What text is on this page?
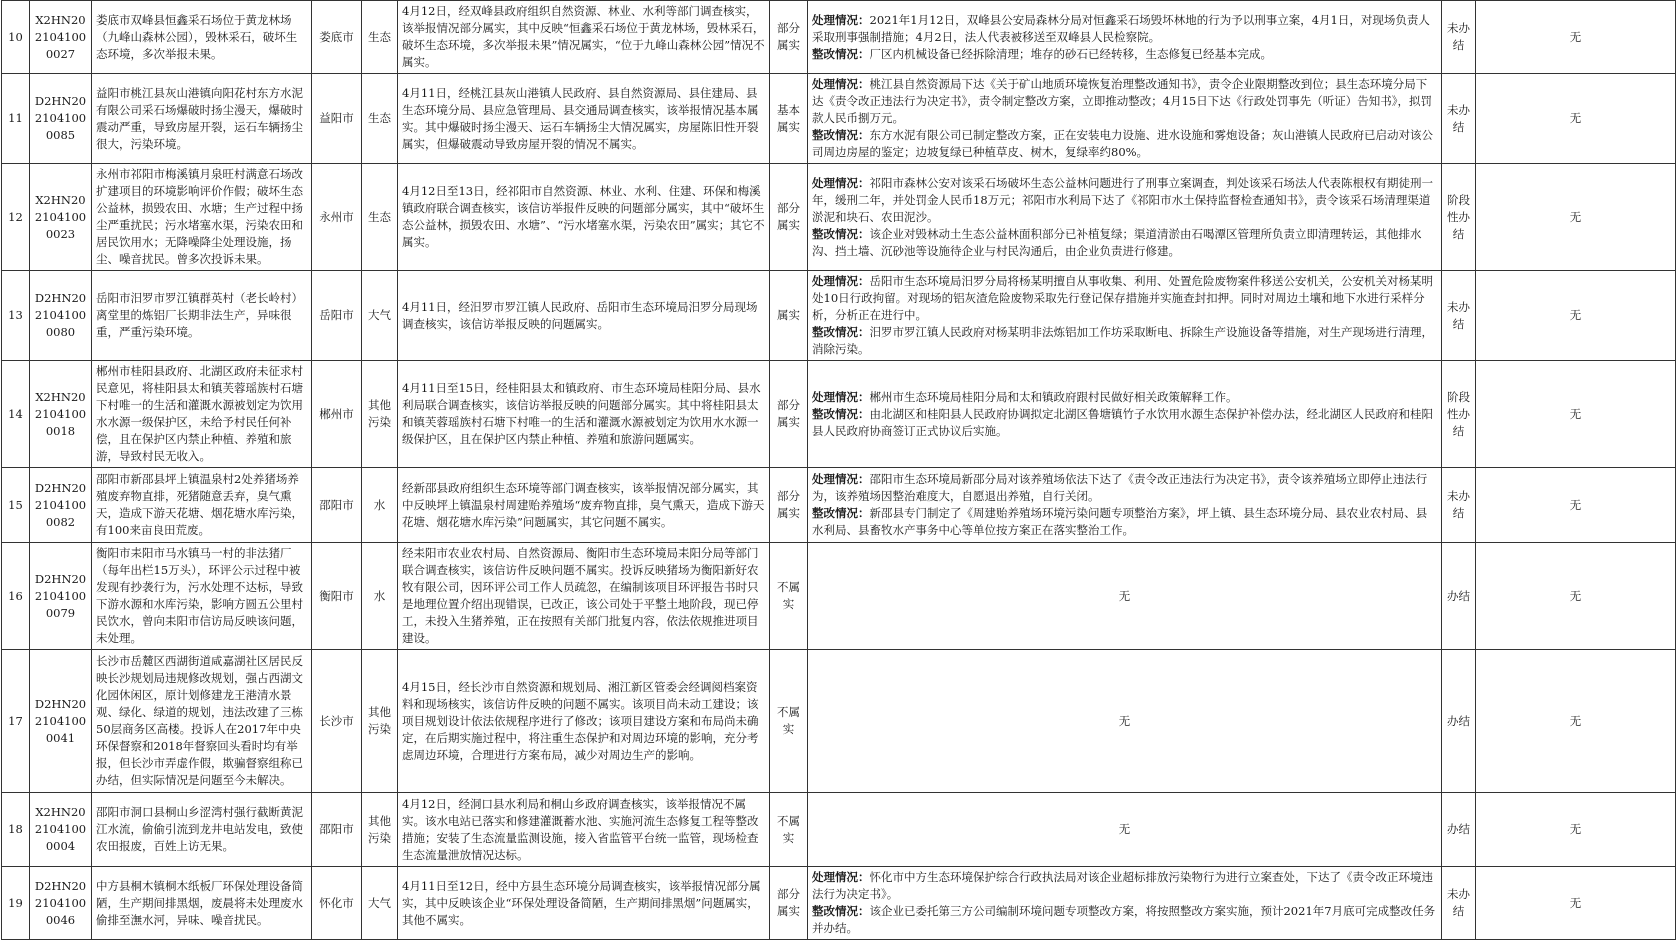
10	X2HN2021041000027	娄底市双峰县恒鑫采石场位于黄龙林场（九峰山森林公园），毁林采石，破坏生态环境，多次举报未果。	娄底市	生态	4月12日，经双峰县政府组织自然资源、林业、水利等部门调查核实，该举报情况部分属实，其中反映“恒鑫采石场位于黄龙林场，毁林采石，破坏生态环境，多次举报未果”情况属实，“位于九峰山森林公园”情况不属实。	部分属实	处理情况：2021年1月12日，双峰县公安局森林分局对恒鑫采石场毁坏林地的行为予以刑事立案，4月1日，对现场负责人采取刑事强制措施；4月2日，法人代表被移送至双峰县人民检察院。
整改情况：厂区内机械设备已经拆除清理；堆存的砂石已经转移，生态修复已经基本完成。	未办结	无
11	D2HN2021041000085	益阳市桃江县灰山港镇向阳花村东方水泥有限公司采石场爆破时扬尘漫天，爆破时震动严重，导致房屋开裂，运石车辆扬尘很大，污染环境。	益阳市	生态	4月11日，经桃江县灰山港镇人民政府、县自然资源局、县住建局、县生态环境分局、县应急管理局、县交通局调查核实，该举报情况基本属实。其中爆破时扬尘漫天、运石车辆扬尘大情况属实，房屋陈旧性开裂属实，但爆破震动导致房屋开裂的情况不属实。	基本属实	处理情况：桃江县自然资源局下达《关于矿山地质环境恢复治理整改通知书》，责令企业限期整改到位；县生态环境分局下达《责令改正违法行为决定书》，责令制定整改方案，立即推动整改；4月15日下达《行政处罚事先（听证）告知书》，拟罚款人民币捌万元。
整改情况：东方水泥有限公司已制定整改方案，正在安装电力设施、进水设施和雾炮设备；灰山港镇人民政府已启动对该公司周边房屋的鉴定；边坡复绿已种植草皮、树木，复绿率约80%。	未办结	无
12	X2HN2021041000023	永州市祁阳市梅溪镇月泉旺村满意石场改扩建项目的环境影响评价作假；破坏生态公益林，损毁农田、水塘；生产过程中扬尘严重扰民；污水堵塞水渠，污染农田和居民饮用水；无降噪降尘处理设施，扬尘、噪音扰民。曾多次投诉未果。	永州市	生态	4月12日至13日，经祁阳市自然资源、林业、水利、住建、环保和梅溪镇政府联合调查核实，该信访举报件反映的问题部分属实，其中“破坏生态公益林，损毁农田、水塘”、“污水堵塞水渠，污染农田”属实；其它不属实。	部分属实	处理情况：祁阳市森林公安对该采石场破坏生态公益林问题进行了刑事立案调查，判处该采石场法人代表陈根权有期徒刑一年，缓刑二年，并处罚金人民币18万元；祁阳市水利局下达了《祁阳市水土保持监督检查通知书》，责令该采石场清理渠道淤泥和块石、农田泥沙。
整改情况：该企业对毁林动土生态公益林面积部分已补植复绿；渠道清淤由石喝潭区管理所负责立即清理转运，其他排水沟、挡土墙、沉砂池等设施待企业与村民沟通后，由企业负责进行修建。	阶段性办结	无
13	D2HN2021041000080	岳阳市汨罗市罗江镇群英村（老长岭村）离堂里的炼铝厂长期非法生产，异味很重，严重污染环境。	岳阳市	大气	4月11日，经汨罗市罗江镇人民政府、岳阳市生态环境局汨罗分局现场调查核实，该信访举报反映的问题属实。	属实	处理情况：岳阳市生态环境局汨罗分局将杨某明擅自从事收集、利用、处置危险废物案件移送公安机关，公安机关对杨某明处10日行政拘留。对现场的铝灰渣危险废物采取先行登记保存措施并实施查封扣押。同时对周边土壤和地下水进行采样分析，分析正在进行中。
整改情况：汨罗市罗江镇人民政府对杨某明非法炼铝加工作坊采取断电、拆除生产设施设备等措施，对生产现场进行清理，消除污染。	未办结	无
14	X2HN2021041000018	郴州市桂阳县政府、北湖区政府未征求村民意见，将桂阳县太和镇芙蓉瑶族村石塘下村唯一的生活和灌溉水源被划定为饮用水水源一级保护区，未给予村民任何补偿，且在保护区内禁止种植、养殖和旅游，导致村民无收入。	郴州市	其他污染	4月11日至15日，经桂阳县太和镇政府、市生态环境局桂阳分局、县水利局联合调查核实，该信访举报反映的问题部分属实。其中将桂阳县太和镇芙蓉瑶族村石塘下村唯一的生活和灌溉水源被划定为饮用水水源一级保护区，且在保护区内禁止种植、养殖和旅游问题属实。	部分属实	处理情况：郴州市生态环境局桂阳分局和太和镇政府跟村民做好相关政策解释工作。
整改情况：由北湖区和桂阳县人民政府协调拟定北湖区鲁塘镇竹子水饮用水源生态保护补偿办法，经北湖区人民政府和桂阳县人民政府协商签订正式协议后实施。	阶段性办结	无
15	D2HN2021041000082	邵阳市新邵县坪上镇温泉村2处养猪场养殖废弃物直排，死猪随意丢弃，臭气熏天，造成下游天花塘、烟花塘水库污染，有100来亩良田荒废。	邵阳市	水	经新邵县政府组织生态环境等部门调查核实，该举报情况部分属实，其中反映坪上镇温泉村周建贻养殖场“废弃物直排，臭气熏天，造成下游天花塘、烟花塘水库污染”问题属实，其它问题不属实。	部分属实	处理情况：邵阳市生态环境局新邵分局对该养殖场依法下达了《责令改正违法行为决定书》，责令该养殖场立即停止违法行为，该养殖场因整治难度大，自愿退出养殖，自行关闭。
整改情况：新邵县专门制定了《周建贻养殖场环境污染问题专项整治方案》，坪上镇、县生态环境分局、县农业农村局、县水利局、县畜牧水产事务中心等单位按方案正在落实整治工作。	未办结	无
16	D2HN2021041000079	衡阳市耒阳市马水镇马一村的非法猪厂（每年出栏15万头），环评公示过程中被发现有抄袭行为，污水处理不达标，导致下游水源和水库污染，影响方圆五公里村民饮水，曾向耒阳市信访局反映该问题，未处理。	衡阳市	水	经耒阳市农业农村局、自然资源局、衡阳市生态环境局耒阳分局等部门联合调查核实，该信访件反映问题不属实。投诉反映猪场为衡阳新好农牧有限公司，因环评公司工作人员疏忽，在编制该项目环评报告书时只是地理位置介绍出现错误，已改正，该公司处于平整土地阶段，现已停工，未投入生猪养殖，正在按照有关部门批复内容，依法依规推进项目建设。	不属实	无	办结	无
17	D2HN2021041000041	长沙市岳麓区西湖街道咸嘉湖社区居民反映长沙规划局违规修改规划，强占西湖文化园休闲区，原计划修建龙王港清水景观、绿化、绿道的规划，违法改建了三栋50层商务区高楼。投诉人在2017年中央环保督察和2018年督察回头看时均有举报，但长沙市弄虚作假，欺骗督察组称已办结，但实际情况是问题至今未解决。	长沙市	其他污染	4月15日，经长沙市自然资源和规划局、湘江新区管委会经调阅档案资料和现场核实，该信访件反映的问题不属实。该项目尚未动工建设；该项目规划设计依法依规程序进行了修改；该项目建设方案和布局尚未确定，在后期实施过程中，将注重生态保护和对周边环境的影响，充分考虑周边环境，合理进行方案布局，减少对周边生产的影响。	不属实	无	办结	无
18	X2HN2021041000004	邵阳市洞口县桐山乡涩湾村强行截断黄泥江水流，偷偷引流到龙井电站发电，致使农田报废，百姓上访无果。	邵阳市	其他污染	4月12日，经洞口县水利局和桐山乡政府调查核实，该举报情况不属实。该水电站已落实和修建灌溉蓄水池、实施河流生态修复工程等整改措施；安装了生态流量监测设施，接入省监管平台统一监管，现场检查生态流量泄放情况达标。	不属实	无	办结	无
19	D2HN2021041000046	中方县桐木镇桐木纸板厂环保处理设备简陋，生产期间排黑烟，废晨将未处理废水偷排至潕水河，异味、噪音扰民。	怀化市	大气	4月11日至12日，经中方县生态环境分局调查核实，该举报情况部分属实，其中反映该企业“环保处理设备简陋，生产期间排黑烟”问题属实，其他不属实。	部分属实	处理情况：怀化市中方生态环境保护综合行政执法局对该企业超标排放污染物行为进行立案查处，下达了《责令改正环境违法行为决定书》。
整改情况：该企业已委托第三方公司编制环境问题专项整改方案，将按照整改方案实施，预计2021年7月底可完成整改任务并办结。	未办结	无
